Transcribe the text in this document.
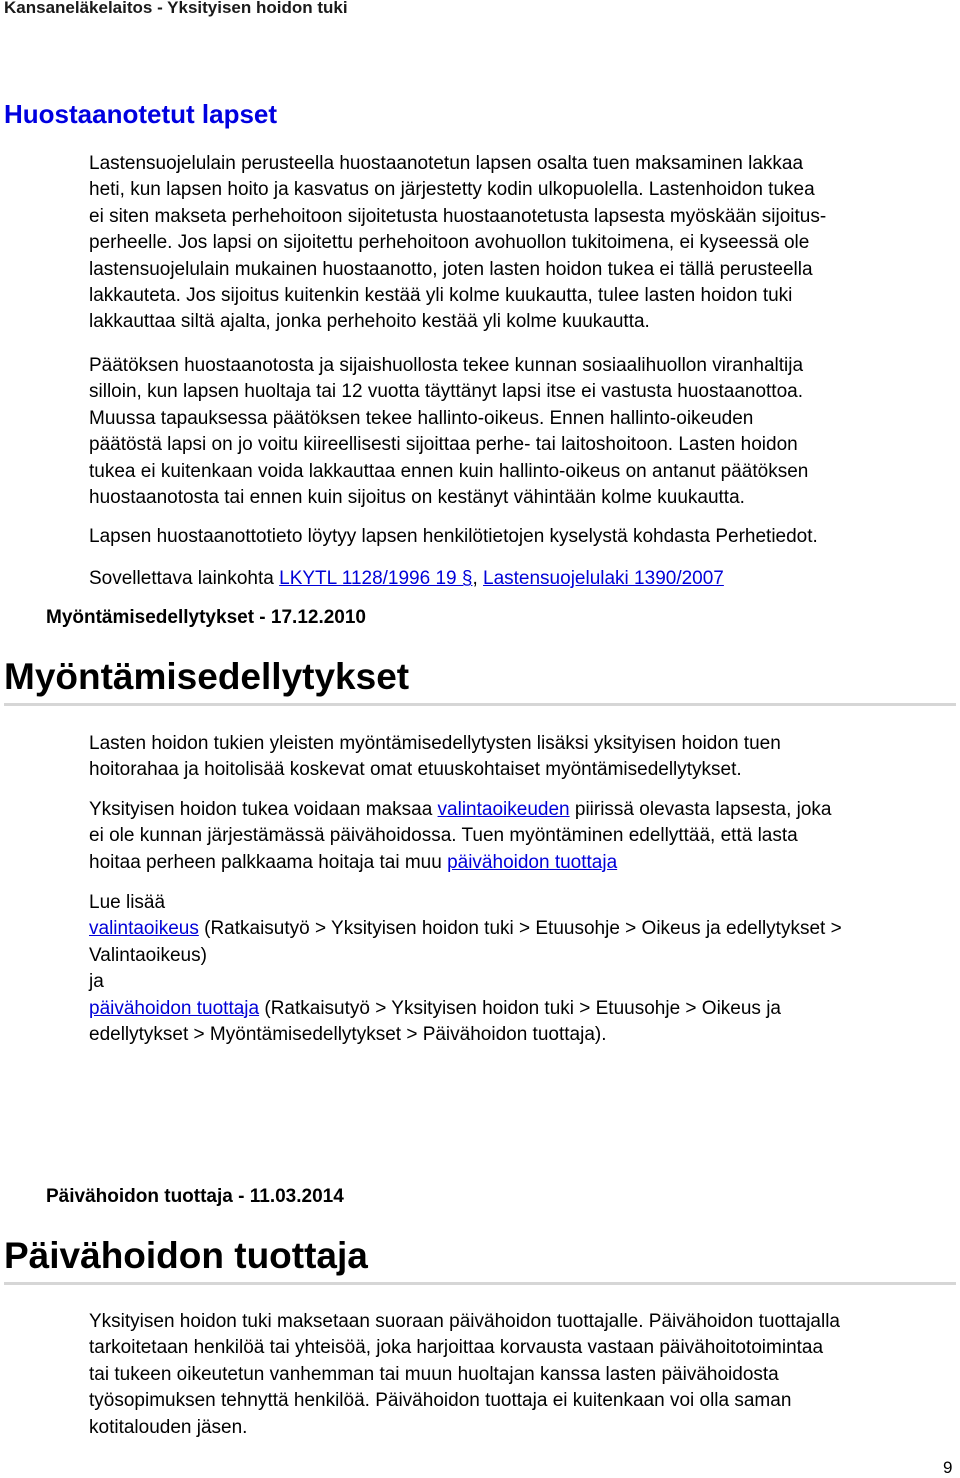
Kansaneläkelaitos - Yksityisen hoidon tuki
Huostaanotetut lapset

Lastensuojelulain perusteella huostaanotetun lapsen osalta tuen maksaminen lakkaa
heti, kun lapsen hoito ja kasvatus on järjestetty kodin ulkopuolella. Lastenhoidon tukea
ei siten makseta perhehoitoon sijoitetusta huostaanotetusta lapsesta myöskään sijoitus-
perheelle. Jos lapsi on sijoitettu perhehoitoon avohuollon tukitoimena, ei kyseessä ole
lastensuojelulain mukainen huostaanotto, joten lasten hoidon tukea ei tällä perusteella
lakkauteta. Jos sijoitus kuitenkin kestää yli kolme kuukautta, tulee lasten hoidon tuki
lakkauttaa siltä ajalta, jonka perhehoito kestää yli kolme kuukautta.

Päätöksen huostaanotosta ja sijaishuollosta tekee kunnan sosiaalihuollon viranhaltija
silloin, kun lapsen huoltaja tai 12 vuotta täyttänyt lapsi itse ei vastusta huostaanottoa.
Muussa tapauksessa päätöksen tekee hallinto-oikeus. Ennen hallinto-oikeuden
päätöstä lapsi on jo voitu kiireellisesti sijoittaa perhe- tai laitoshoitoon. Lasten hoidon
tukea ei kuitenkaan voida lakkauttaa ennen kuin hallinto-oikeus on antanut päätöksen
huostaanotosta tai ennen kuin sijoitus on kestänyt vähintään kolme kuukautta.

Lapsen huostaanottotieto löytyy lapsen henkilötietojen kyselystä kohdasta Perhetiedot.

Sovellettava lainkohta LKYTL 1128/1996 19 §, Lastensuojelulaki 1390/2007

Myöntämisedellytykset - 17.12.2010
Myöntämisedellytykset

Lasten hoidon tukien yleisten myöntämisedellytysten lisäksi yksityisen hoidon tuen
hoitorahaa ja hoitolisää koskevat omat etuuskohtaiset myöntämisedellytykset.

Yksityisen hoidon tukea voidaan maksaa valintaoikeuden piirissä olevasta lapsesta, joka
ei ole kunnan järjestämässä päivähoidossa. Tuen myöntäminen edellyttää, että lasta
hoitaa perheen palkkaama hoitaja tai muu päivähoidon tuottaja

Lue lisää
valintaoikeus (Ratkaisutyö > Yksityisen hoidon tuki > Etuusohje > Oikeus ja edellytykset >
Valintaoikeus)
ja
päivähoidon tuottaja (Ratkaisutyö > Yksityisen hoidon tuki > Etuusohje > Oikeus ja
edellytykset > Myöntämisedellytykset > Päivähoidon tuottaja).

Päivähoidon tuottaja - 11.03.2014
Päivähoidon tuottaja

Yksityisen hoidon tuki maksetaan suoraan päivähoidon tuottajalle. Päivähoidon tuottajalla
tarkoitetaan henkilöä tai yhteisöä, joka harjoittaa korvausta vastaan päivähoitotoimintaa
tai tukeen oikeutetun vanhemman tai muun huoltajan kanssa lasten päivähoidosta
työsopimuksen tehnyttä henkilöä. Päivähoidon tuottaja ei kuitenkaan voi olla saman
kotitalouden jäsen.

9
